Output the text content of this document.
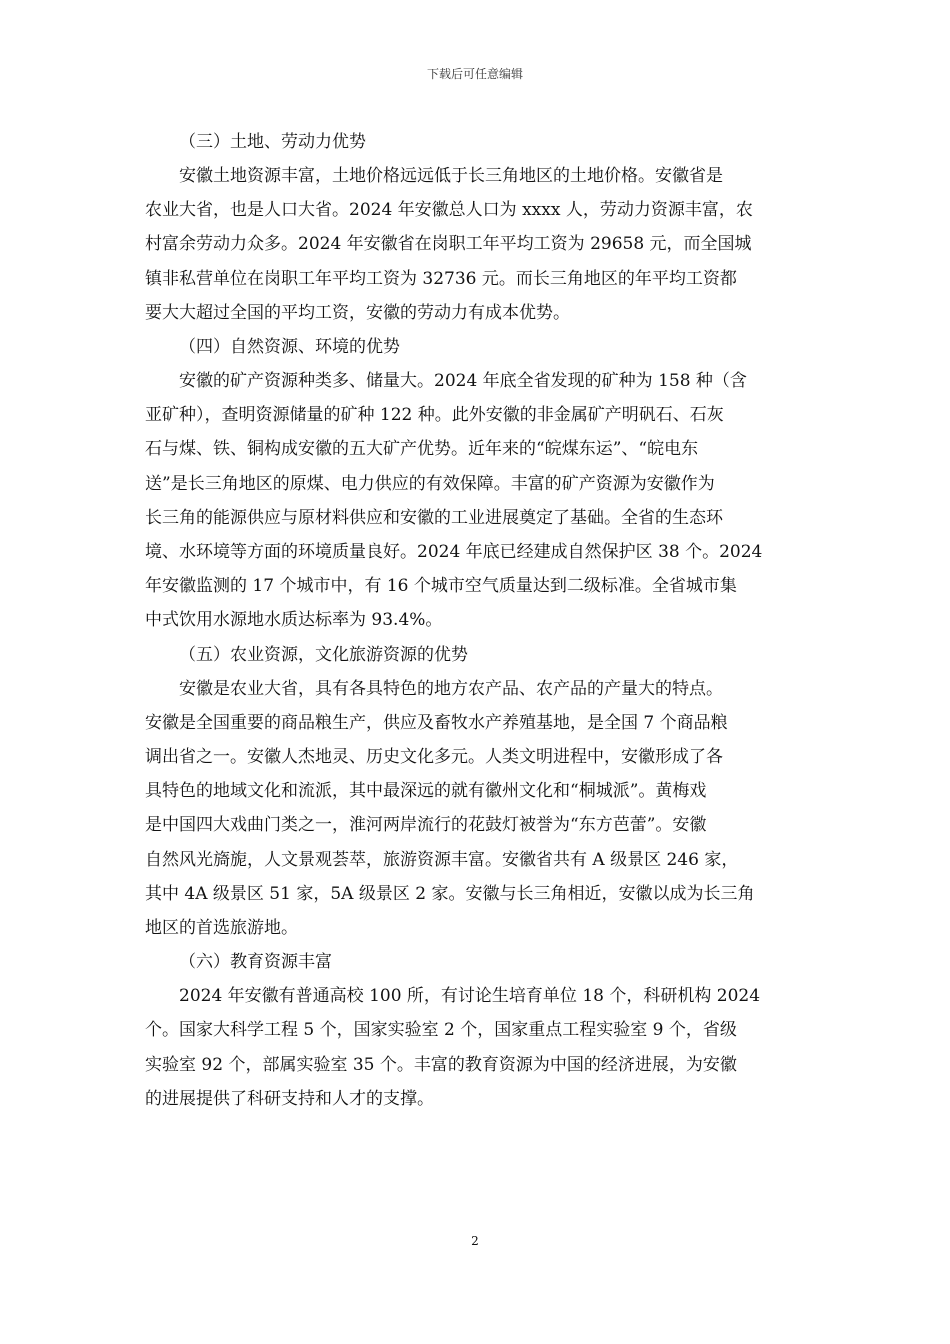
下载后可任意编辑
（三）土地、劳动力优势
安徽土地资源丰富，土地价格远远低于长三角地区的土地价格。安徽省是
农业大省，也是人口大省。2024 年安徽总人口为 xxxx 人，劳动力资源丰富，农
村富余劳动力众多。2024 年安徽省在岗职工年平均工资为 29658 元，而全国城
镇非私营单位在岗职工年平均工资为 32736 元。而长三角地区的年平均工资都
要大大超过全国的平均工资，安徽的劳动力有成本优势。
（四）自然资源、环境的优势
安徽的矿产资源种类多、储量大。2024 年底全省发现的矿种为 158 种（含
亚矿种），查明资源储量的矿种 122 种。此外安徽的非金属矿产明矾石、石灰
石与煤、铁、铜构成安徽的五大矿产优势。近年来的“皖煤东运”、“皖电东
送”是长三角地区的原煤、电力供应的有效保障。丰富的矿产资源为安徽作为
长三角的能源供应与原材料供应和安徽的工业进展奠定了基础。全省的生态环
境、水环境等方面的环境质量良好。2024 年底已经建成自然保护区 38 个。2024
年安徽监测的 17 个城市中，有 16 个城市空气质量达到二级标准。全省城市集
中式饮用水源地水质达标率为 93.4%。
（五）农业资源，文化旅游资源的优势
安徽是农业大省，具有各具特色的地方农产品、农产品的产量大的特点。
安徽是全国重要的商品粮生产，供应及畜牧水产养殖基地，是全国 7 个商品粮
调出省之一。安徽人杰地灵、历史文化多元。人类文明进程中，安徽形成了各
具特色的地域文化和流派，其中最深远的就有徽州文化和“桐城派”。黄梅戏
是中国四大戏曲门类之一，淮河两岸流行的花鼓灯被誉为“东方芭蕾”。安徽
自然风光旖旎，人文景观荟萃，旅游资源丰富。安徽省共有 A 级景区 246 家，
其中 4A 级景区 51 家，5A 级景区 2 家。安徽与长三角相近，安徽以成为长三角
地区的首选旅游地。
（六）教育资源丰富
2024 年安徽有普通高校 100 所，有讨论生培育单位 18 个，科研机构 2024
个。国家大科学工程 5 个，国家实验室 2 个，国家重点工程实验室 9 个，省级
实验室 92 个，部属实验室 35 个。丰富的教育资源为中国的经济进展，为安徽
的进展提供了科研支持和人才的支撑。
2
